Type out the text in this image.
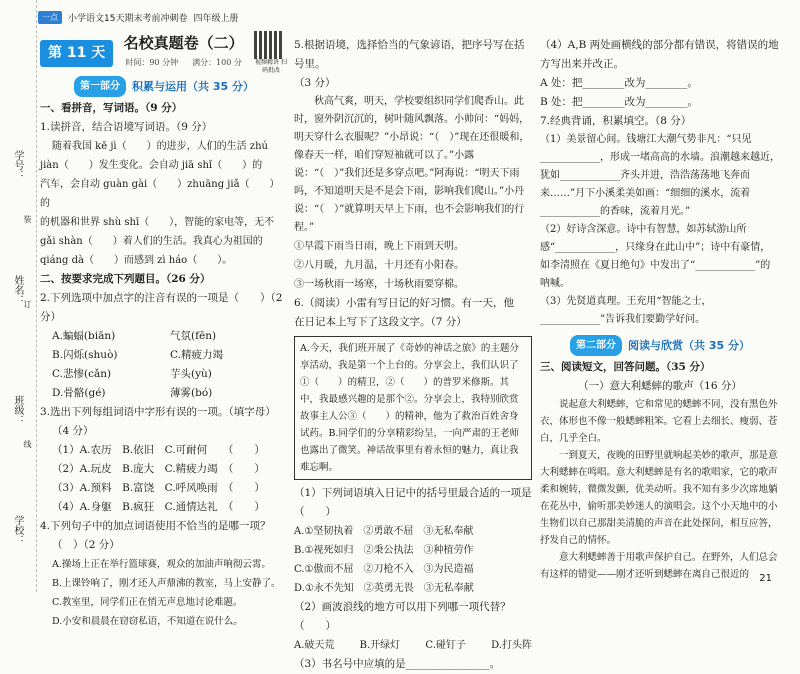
学号：
姓名：
班级：
学校：
装
订
线
一点	小学语文15天期末考前冲刺卷 四年级上册
第 11 天
名校真题卷（二）
时间：90 分钟 满分：100 分 视频精讲 扫码批改
第一部分	积累与运用（共 35 分）
一、看拼音，写词语。（9 分）
1.读拼音，结合语境写词语。（9 分）
随着我国 kē jì（　　）的进步，人们的生活 zhú
jiàn（　　）发生变化。会自动 jiā shǐ（　　）的
汽车，会自动 guàn gài（　　）zhuāng jiǎ（　　）的
的机器和世界 shù shī（　　），智能的家电等，无不
gǎi shàn（　　）着人们的生活。我真心为祖国的
qiáng dà（　　）而感到 zì háo（　　）。
二、按要求完成下列题目。（26 分）
2.下列选项中加点字的注音有误的一项是（　　）（2 分）
A.蝙蝠(biān)	气氛(fēn)
B.闪烁(shuò)	C.精疲力竭
C.悲惨(cǎn)	芋头(yù)
D.骨骼(gé)	薄雾(bó)
3.选出下列每组词语中字形有误的一项。（填字母）
（4 分）
（1）A.农历　B.依旧　C.可耐何　　（　　）
（2）A.玩皮　B.庞大　C.精疲力竭　（　　）
（3）A.预料　B.富饶　C.呼风唤雨　（　　）
（4）A.身躯　B.疯狂　C.通情达礼　（　　）
4.下列句子中的加点词语使用不恰当的是哪一项？
（　）（2 分）
A.操场上正在举行篮球赛，观众的加油声响彻云霄。
B.上课铃响了，刚才还人声鼎沸的教室，马上安静了。
C.教室里，同学们正在悄无声息地讨论难题。
D.小安和晨晨在窃窃私语，不知道在说什么。
5.根据语境，选择恰当的气象谚语，把序号写在括号里。
（3 分）
秋高气爽，明天，学校要组织同学们爬香山。此时，窗外阴沉沉的，树叶随风飘落。小帅问：“妈妈，明天穿什么衣服呢？”小昂说：“（　）”现在还很暖和，像春天一样，咱们穿短袖就可以了。”小露说：“（　）”我们还是多穿点吧。”阿海说：“明天下雨吗，不知道明天是不是会下雨，影响我们爬山。”小丹说：“（　）”就算明天早上下雨，也不会影响我们的行程。”
①早霞下雨当日雨，晚上下雨到天明。
②八月暖，九月温，十月还有小阳春。
③一场秋雨一场寒，十场秋雨要穿棉。
6.（阅读）小雷有写日记的好习惯。有一天，他
在日记本上写下了这段文字。（7 分）
A.今天，我们班开展了《奇妙的神话之旅》的主题分享活动，我是第一个上台的。分享会上，我们认识了①（　　）的精卫，②（　　）的普罗米修斯。其中，我最感兴趣的是那个②。分享会上，我特别欣赏故事主人公③（　　）的精神，他为了救治百姓舍身试药。B.同学们的分享精彩纷呈，一向严肃的王老师也露出了微笑。神话故事里有着永恒的魅力，真让我难忘啊。
（1）下列词语填入日记中的括号里最合适的一项是（　　）
A.①坚韧执着　②勇敢不屈　③无私奉献
B.①视死如归　②秉公执法　③种植劳作
C.①傲而不屈　②刀枪不入　③为民造福
D.①永不先知　②英勇无畏　③无私奉献
（2）画波浪线的地方可以用下列哪一项代替？（　　）
A.破天荒	B.开绿灯	C.碰钉子	D.打头阵
（3）书名号中应填的是________________。
（4）A,B 两处画横线的部分都有错误，将错误的地方写出来并改正。
A 处：把________改为________。
B 处：把________改为________。
7.经典背诵，积累填空。（8 分）
（1）美景留心间。钱塘江大潮气势非凡：“只见____________，形成一堵高高的水墙。浪潮越来越近，犹如____________齐头并进，浩浩荡荡地飞奔而来……”月下小溪柔美如画：“细细的溪水，流着____________的香味，流着月光。”
（2）好诗含深意。诗中有智慧，如苏轼游山所感“____________，只缘身在此山中”；诗中有豪情，如李清照在《夏日绝句》中发出了“____________”的呐喊。
（3）先贤道真理。王充用“智能之士，____________”告诉我们要勤学好问。
第二部分	阅读与欣赏（共 35 分）
三、阅读短文，回答问题。（35 分）
（一）意大利蟋蟀的歌声（16 分）
说起意大利蟋蟀，它和常见的蟋蟀不同，没有黑色外衣，体形也不像一般蟋蟀粗笨。它看上去细长、瘦弱、苍白，几乎全白。
一到夏天，夜晚的田野里就响起美妙的歌声，那是意大利蟋蟀在鸣唱。意大利蟋蟀是有名的歌唱家，它的歌声柔和婉转，微微发颤，优美动听。我不知有多少次席地躺在花丛中，偷听那美妙迷人的演唱会。这个小天地中的小生物们以自己那甜美清脆的声音在此处探问，相互应答，抒发自己的情怀。
意大利蟋蟀善于用歌声保护自己。在野外，人们总会有这样的错觉——刚才还听到蟋蟀在离自己很近的	21
